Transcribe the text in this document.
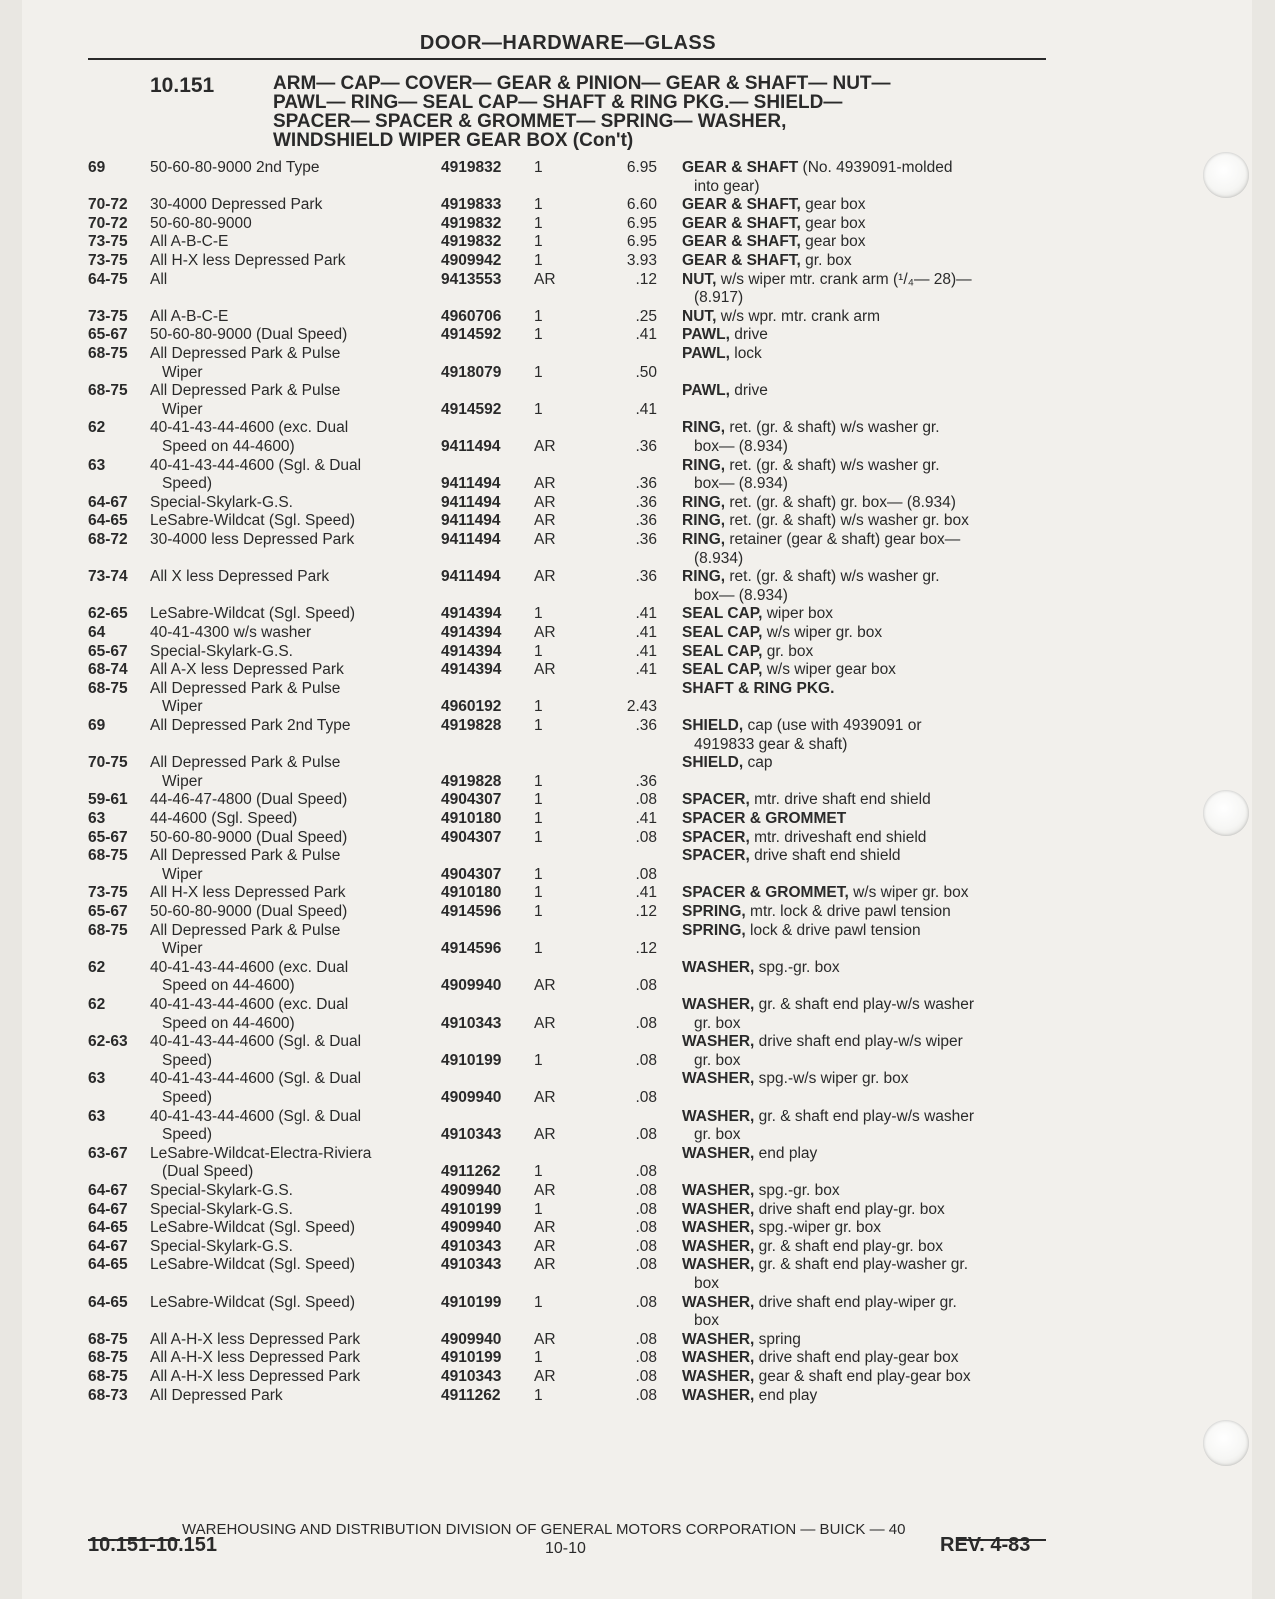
DOOR—HARDWARE—GLASS
10.151	ARM— CAP— COVER— GEAR & PINION— GEAR & SHAFT— NUT—
PAWL— RING— SEAL CAP— SHAFT & RING PKG.— SHIELD—
SPACER— SPACER & GROMMET— SPRING— WASHER,
WINDSHIELD WIPER GEAR BOX (Con't)
69	50-60-80-9000 2nd Type	4919832 1	6.95 GEAR & SHAFT (No. 4939091-molded
into gear)
70-72 30-4000 Depressed Park	4919833 1	6.60 GEAR & SHAFT, gear box
70-72 50-60-80-9000	4919832 1	6.95 GEAR & SHAFT, gear box
73-75 All A-B-C-E	4919832 1	6.95 GEAR & SHAFT, gear box
73-75 All H-X less Depressed Park	4909942 1	3.93 GEAR & SHAFT, gr. box
64-75 All	9413553 AR	.12 NUT, w/s wiper mtr. crank arm (¹/₄— 28)—
(8.917)
73-75 All A-B-C-E	4960706 1	.25 NUT, w/s wpr. mtr. crank arm
65-67 50-60-80-9000 (Dual Speed)	4914592 1	.41 PAWL, drive
68-75 All Depressed Park & Pulse
Wiper	4918079 1	.50
PAWL, lock
68-75 All Depressed Park & Pulse
Wiper	4914592 1	.41
PAWL, drive
62	40-41-43-44-4600 (exc. Dual
Speed on 44-4600)	9411494 AR	.36
RING, ret. (gr. & shaft) w/s washer gr.
box— (8.934)
63	40-41-43-44-4600 (Sgl. & Dual
Speed)	9411494 AR	.36
RING, ret. (gr. & shaft) w/s washer gr.
box— (8.934)
64-67 Special-Skylark-G.S.	9411494 AR	.36 RING, ret. (gr. & shaft) gr. box— (8.934)
64-65 LeSabre-Wildcat (Sgl. Speed)	9411494 AR	.36 RING, ret. (gr. & shaft) w/s washer gr. box
68-72 30-4000 less Depressed Park	9411494 AR	.36 RING, retainer (gear & shaft) gear box—
(8.934)
73-74 All X less Depressed Park	9411494 AR	.36 RING, ret. (gr. & shaft) w/s washer gr.
box— (8.934)
62-65 LeSabre-Wildcat (Sgl. Speed)	4914394 1	.41 SEAL CAP, wiper box
64	40-41-4300 w/s washer	4914394 AR	.41 SEAL CAP, w/s wiper gr. box
65-67 Special-Skylark-G.S.	4914394 1	.41 SEAL CAP, gr. box
68-74 All A-X less Depressed Park	4914394 AR	.41 SEAL CAP, w/s wiper gear box
68-75 All Depressed Park & Pulse
Wiper	4960192 1	2.43
SHAFT & RING PKG.
69	All Depressed Park 2nd Type	4919828 1	.36 SHIELD, cap (use with 4939091 or
4919833 gear & shaft)
70-75 All Depressed Park & Pulse
Wiper	4919828 1	.36
SHIELD, cap
59-61 44-46-47-4800 (Dual Speed)	4904307 1	.08 SPACER, mtr. drive shaft end shield
63	44-4600 (Sgl. Speed)	4910180 1	.41 SPACER & GROMMET
65-67 50-60-80-9000 (Dual Speed)	4904307 1	.08 SPACER, mtr. driveshaft end shield
68-75 All Depressed Park & Pulse
Wiper	4904307 1	.08
SPACER, drive shaft end shield
73-75 All H-X less Depressed Park	4910180 1	.41 SPACER & GROMMET, w/s wiper gr. box
65-67 50-60-80-9000 (Dual Speed)	4914596 1	.12 SPRING, mtr. lock & drive pawl tension
68-75 All Depressed Park & Pulse
Wiper	4914596 1	.12
SPRING, lock & drive pawl tension
62	40-41-43-44-4600 (exc. Dual
Speed on 44-4600)	4909940 AR	.08
WASHER, spg.-gr. box
62	40-41-43-44-4600 (exc. Dual
Speed on 44-4600)	4910343 AR	.08
WASHER, gr. & shaft end play-w/s washer
gr. box
62-63 40-41-43-44-4600 (Sgl. & Dual
Speed)	4910199 1	.08
WASHER, drive shaft end play-w/s wiper
gr. box
63	40-41-43-44-4600 (Sgl. & Dual
Speed)	4909940 AR	.08
WASHER, spg.-w/s wiper gr. box
63	40-41-43-44-4600 (Sgl. & Dual
Speed)	4910343 AR	.08
WASHER, gr. & shaft end play-w/s washer
gr. box
63-67 LeSabre-Wildcat-Electra-Riviera
(Dual Speed)	4911262 1	.08
WASHER, end play
64-67 Special-Skylark-G.S.	4909940 AR	.08 WASHER, spg.-gr. box
64-67 Special-Skylark-G.S.	4910199 1	.08 WASHER, drive shaft end play-gr. box
64-65 LeSabre-Wildcat (Sgl. Speed)	4909940 AR	.08 WASHER, spg.-wiper gr. box
64-67 Special-Skylark-G.S.	4910343 AR	.08 WASHER, gr. & shaft end play-gr. box
64-65 LeSabre-Wildcat (Sgl. Speed)	4910343 AR	.08 WASHER, gr. & shaft end play-washer gr.
box
64-65 LeSabre-Wildcat (Sgl. Speed)	4910199 1	.08 WASHER, drive shaft end play-wiper gr.
box
68-75 All A-H-X less Depressed Park	4909940 AR	.08 WASHER, spring
68-75 All A-H-X less Depressed Park	4910199 1	.08 WASHER, drive shaft end play-gear box
68-75 All A-H-X less Depressed Park	4910343 AR	.08 WASHER, gear & shaft end play-gear box
68-73 All Depressed Park	4911262 1	.08 WASHER, end play
WAREHOUSING AND DISTRIBUTION DIVISION OF GENERAL MOTORS CORPORATION — BUICK — 40
10.151-10.151	10-10	REV. 4-83
